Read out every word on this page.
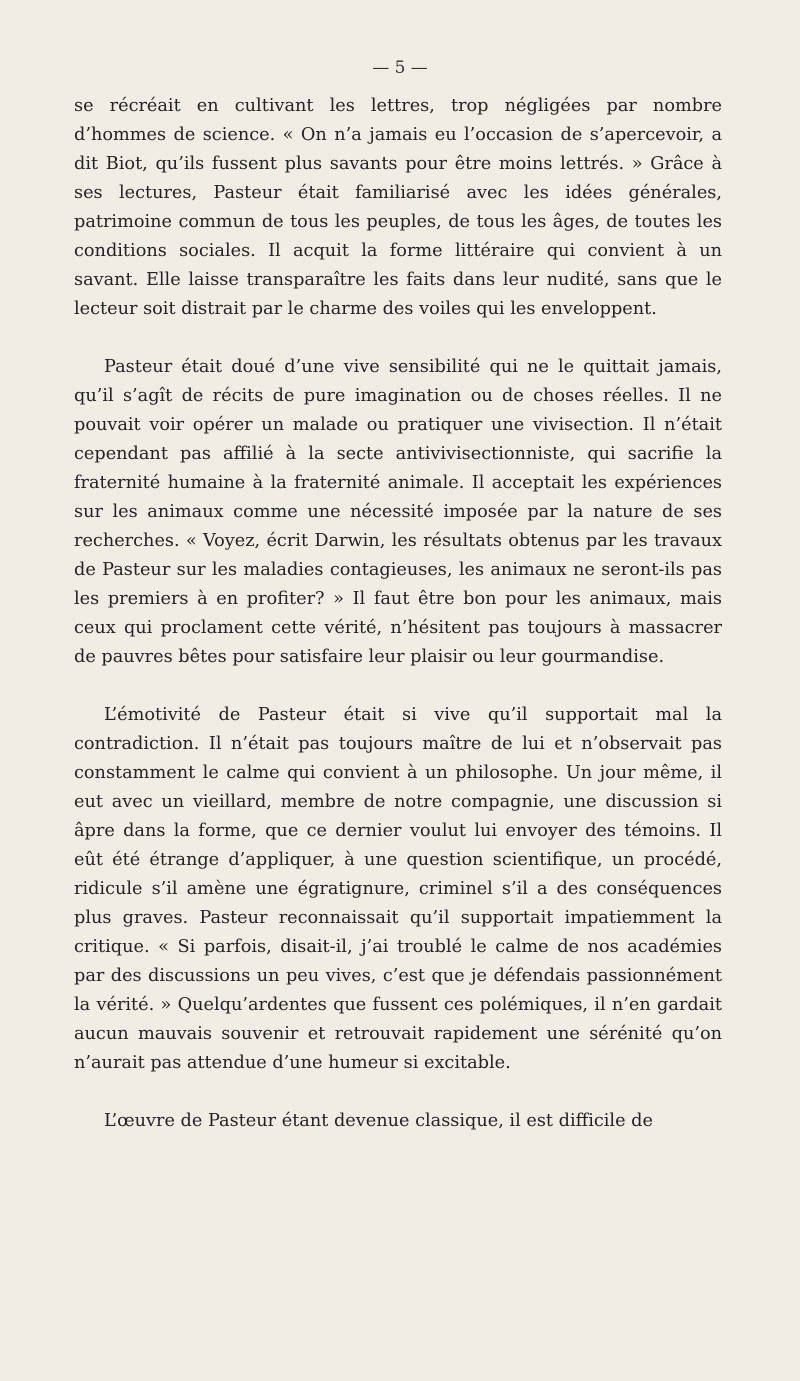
— 5 —

se récréait en cultivant les lettres, trop négligées par nombre d’hommes de science. « On n’a jamais eu l’occasion de s’apercevoir, a dit Biot, qu’ils fussent plus savants pour être moins lettrés. » Grâce à ses lectures, Pasteur était familiarisé avec les idées générales, patrimoine commun de tous les peuples, de tous les âges, de toutes les conditions sociales. Il acquit la forme littéraire qui convient à un savant. Elle laisse transparaître les faits dans leur nudité, sans que le lecteur soit distrait par le charme des voiles qui les enveloppent.

Pasteur était doué d’une vive sensibilité qui ne le quittait jamais, qu’il s’agît de récits de pure imagination ou de choses réelles. Il ne pouvait voir opérer un malade ou pratiquer une vivisection. Il n’était cependant pas affilié à la secte antivivisectionniste, qui sacrifie la fraternité humaine à la fraternité animale. Il acceptait les expériences sur les animaux comme une nécessité imposée par la nature de ses recherches. « Voyez, écrit Darwin, les résultats obtenus par les travaux de Pasteur sur les maladies contagieuses, les animaux ne seront-ils pas les premiers à en profiter? » Il faut être bon pour les animaux, mais ceux qui proclament cette vérité, n’hésitent pas toujours à massacrer de pauvres bêtes pour satisfaire leur plaisir ou leur gourmandise.

L’émotivité de Pasteur était si vive qu’il supportait mal la contradiction. Il n’était pas toujours maître de lui et n’observait pas constamment le calme qui convient à un philosophe. Un jour même, il eut avec un vieillard, membre de notre compagnie, une discussion si âpre dans la forme, que ce dernier voulut lui envoyer des témoins. Il eût été étrange d’appliquer, à une question scientifique, un procédé, ridicule s’il amène une égratignure, criminel s’il a des conséquences plus graves. Pasteur reconnaissait qu’il supportait impatiemment la critique. « Si parfois, disait-il, j’ai troublé le calme de nos académies par des discussions un peu vives, c’est que je défendais passionnément la vérité. » Quelqu’ardentes que fussent ces polémiques, il n’en gardait aucun mauvais souvenir et retrouvait rapidement une sérénité qu’on n’aurait pas attendue d’une humeur si excitable.

L’œuvre de Pasteur étant devenue classique, il est difficile de
